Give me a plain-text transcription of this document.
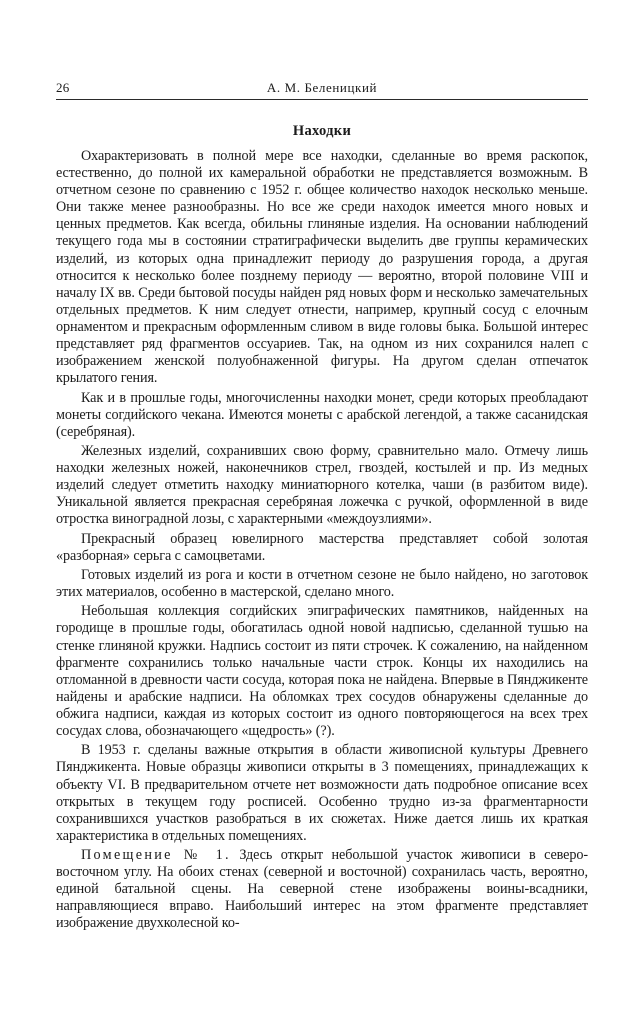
26	А. М. Беленицкий
Находки

Охарактеризовать в полной мере все находки, сделанные во время раскопок, естественно, до полной их камеральной обработки не представляется возможным. В отчетном сезоне по сравнению с 1952 г. общее количество находок несколько меньше. Они также менее разнообразны. Но все же среди находок имеется много новых и ценных предметов. Как всегда, обильны глиняные изделия. На основании наблюдений текущего года мы в состоянии стратиграфически выделить две группы керамических изделий, из которых одна принадлежит периоду до разрушения города, а другая относится к несколько более позднему периоду — вероятно, второй половине VIII и началу IX вв. Среди бытовой посуды найден ряд новых форм и несколько замечательных отдельных предметов. К ним следует отнести, например, крупный сосуд с елочным орнаментом и прекрасным оформленным сливом в виде головы быка. Большой интерес представляет ряд фрагментов оссуариев. Так, на одном из них сохранился налеп с изображением женской полуобнаженной фигуры. На другом сделан отпечаток крылатого гения.

Как и в прошлые годы, многочисленны находки монет, среди которых преобладают монеты согдийского чекана. Имеются монеты с арабской легендой, а также сасанидская (серебряная).

Железных изделий, сохранивших свою форму, сравнительно мало. Отмечу лишь находки железных ножей, наконечников стрел, гвоздей, костылей и пр. Из медных изделий следует отметить находку миниатюрного котелка, чаши (в разбитом виде). Уникальной является прекрасная серебряная ложечка с ручкой, оформленной в виде отростка виноградной лозы, с характерными «междоузлиями».

Прекрасный образец ювелирного мастерства представляет собой золотая «разборная» серьга с самоцветами.

Готовых изделий из рога и кости в отчетном сезоне не было найдено, но заготовок этих материалов, особенно в мастерской, сделано много.

Небольшая коллекция согдийских эпиграфических памятников, найденных на городище в прошлые годы, обогатилась одной новой надписью, сделанной тушью на стенке глиняной кружки. Надпись состоит из пяти строчек. К сожалению, на найденном фрагменте сохранились только начальные части строк. Концы их находились на отломанной в древности части сосуда, которая пока не найдена. Впервые в Пянджикенте найдены и арабские надписи. На обломках трех сосудов обнаружены сделанные до обжига надписи, каждая из которых состоит из одного повторяющегося на всех трех сосудах слова, обозначающего «щедрость» (?).

В 1953 г. сделаны важные открытия в области живописной культуры Древнего Пянджикента. Новые образцы живописи открыты в 3 помещениях, принадлежащих к объекту VI. В предварительном отчете нет возможности дать подробное описание всех открытых в текущем году росписей. Особенно трудно из-за фрагментарности сохранившихся участков разобраться в их сюжетах. Ниже дается лишь их краткая характеристика в отдельных помещениях.

Помещение № 1. Здесь открыт небольшой участок живописи в северо-восточном углу. На обоих стенах (северной и восточной) сохранилась часть, вероятно, единой батальной сцены. На северной стене изображены воины-всадники, направляющиеся вправо. Наибольший интерес на этом фрагменте представляет изображение двухколесной ко-
